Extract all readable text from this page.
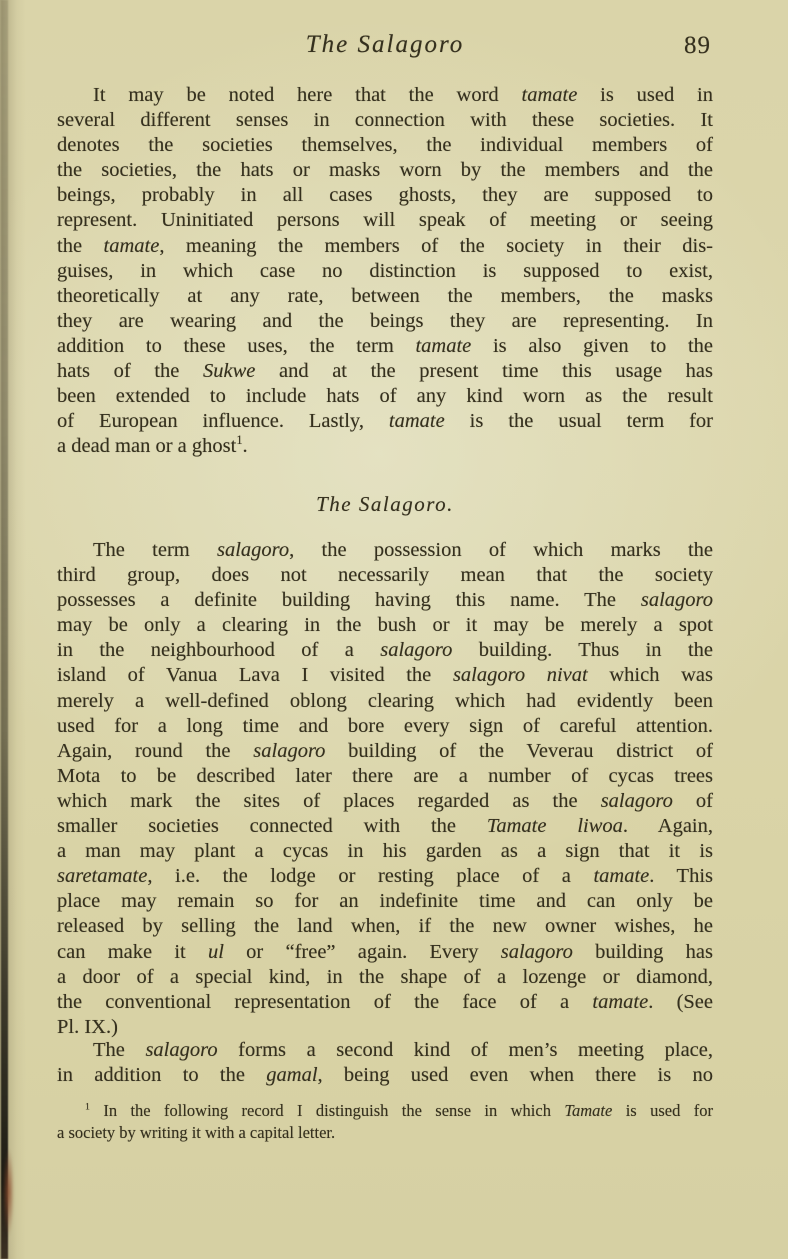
The Salagoro	89
It may be noted here that the word tamate is used in
several different senses in connection with these societies. It
denotes the societies themselves, the individual members of
the societies, the hats or masks worn by the members and the
beings, probably in all cases ghosts, they are supposed to
represent. Uninitiated persons will speak of meeting or seeing
the tamate, meaning the members of the society in their dis-
guises, in which case no distinction is supposed to exist,
theoretically at any rate, between the members, the masks
they are wearing and the beings they are representing. In
addition to these uses, the term tamate is also given to the
hats of the Sukwe and at the present time this usage has
been extended to include hats of any kind worn as the result
of European influence. Lastly, tamate is the usual term for
a dead man or a ghost$^1$.
The Salagoro.
The term salagoro, the possession of which marks the
third group, does not necessarily mean that the society
possesses a definite building having this name. The salagoro
may be only a clearing in the bush or it may be merely a spot
in the neighbourhood of a salagoro building. Thus in the
island of Vanua Lava I visited the salagoro nivat which was
merely a well-defined oblong clearing which had evidently been
used for a long time and bore every sign of careful attention.
Again, round the salagoro building of the Veverau district of
Mota to be described later there are a number of cycas trees
which mark the sites of places regarded as the salagoro of
smaller societies connected with the Tamate liwoa. Again,
a man may plant a cycas in his garden as a sign that it is
saretamate, i.e. the lodge or resting place of a tamate. This
place may remain so for an indefinite time and can only be
released by selling the land when, if the new owner wishes, he
can make it ul or “free” again. Every salagoro building has
a door of a special kind, in the shape of a lozenge or diamond,
the conventional representation of the face of a tamate. (See
Pl. IX.)
The salagoro forms a second kind of men’s meeting place,
in addition to the gamal, being used even when there is no
$^1$ In the following record I distinguish the sense in which Tamate is used for
a society by writing it with a capital letter.
